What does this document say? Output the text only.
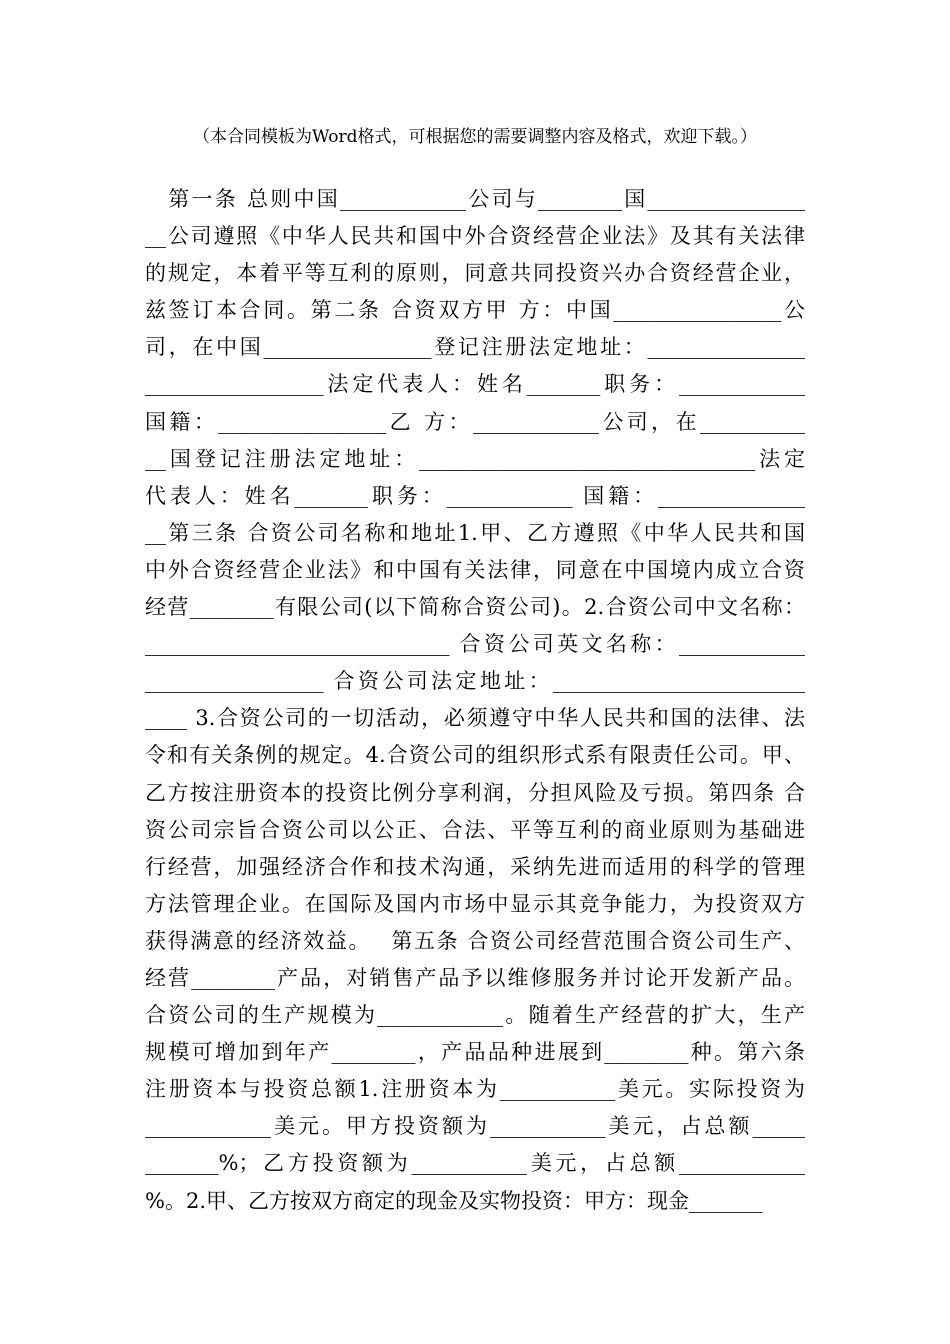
（本合同模板为Word格式，可根据您的需要调整内容及格式，欢迎下载。）
　第一条 总则中国____________公司与________国_______________
__公司遵照《中华人民共和国中外合资经营企业法》及其有关法律
的规定，本着平等互利的原则，同意共同投资兴办合资经营企业，
兹签订本合同。第二条 合资双方甲 方：中国________________公
司，在中国________________登记注册法定地址：_______________
_________________法定代表人：姓名_______职务：____________
国籍：________________乙 方：____________公司，在__________
__国登记注册法定地址：________________________________法定
代表人：姓名_______职务：____________ 国籍：______________
__第三条 合资公司名称和地址1.甲、乙方遵照《中华人民共和国
中外合资经营企业法》和中国有关法律，同意在中国境内成立合资
经营________有限公司(以下简称合资公司)。2.合资公司中文名称：
_____________________________ 合资公司英文名称：____________
_________________ 合资公司法定地址：________________________
____ 3.合资公司的一切活动，必须遵守中华人民共和国的法律、法
令和有关条例的规定。4.合资公司的组织形式系有限责任公司。甲、
乙方按注册资本的投资比例分享利润，分担风险及亏损。第四条 合
资公司宗旨合资公司以公正、合法、平等互利的商业原则为基础进
行经营，加强经济合作和技术沟通，采纳先进而适用的科学的管理
方法管理企业。在国际及国内市场中显示其竞争能力，为投资双方
获得满意的经济效益。　 第五条 合资公司经营范围合资公司生产、
经营________产品，对销售产品予以维修服务并讨论开发新产品。
合资公司的生产规模为____________。随着生产经营的扩大，生产
规模可增加到年产________，产品品种进展到________种。第六条
注册资本与投资总额1.注册资本为___________美元。实际投资为
____________美元。甲方投资额为___________美元，占总额_____
_______%；乙方投资额为___________美元，占总额____________
%。2.甲、乙方按双方商定的现金及实物投资：甲方：现金_______
